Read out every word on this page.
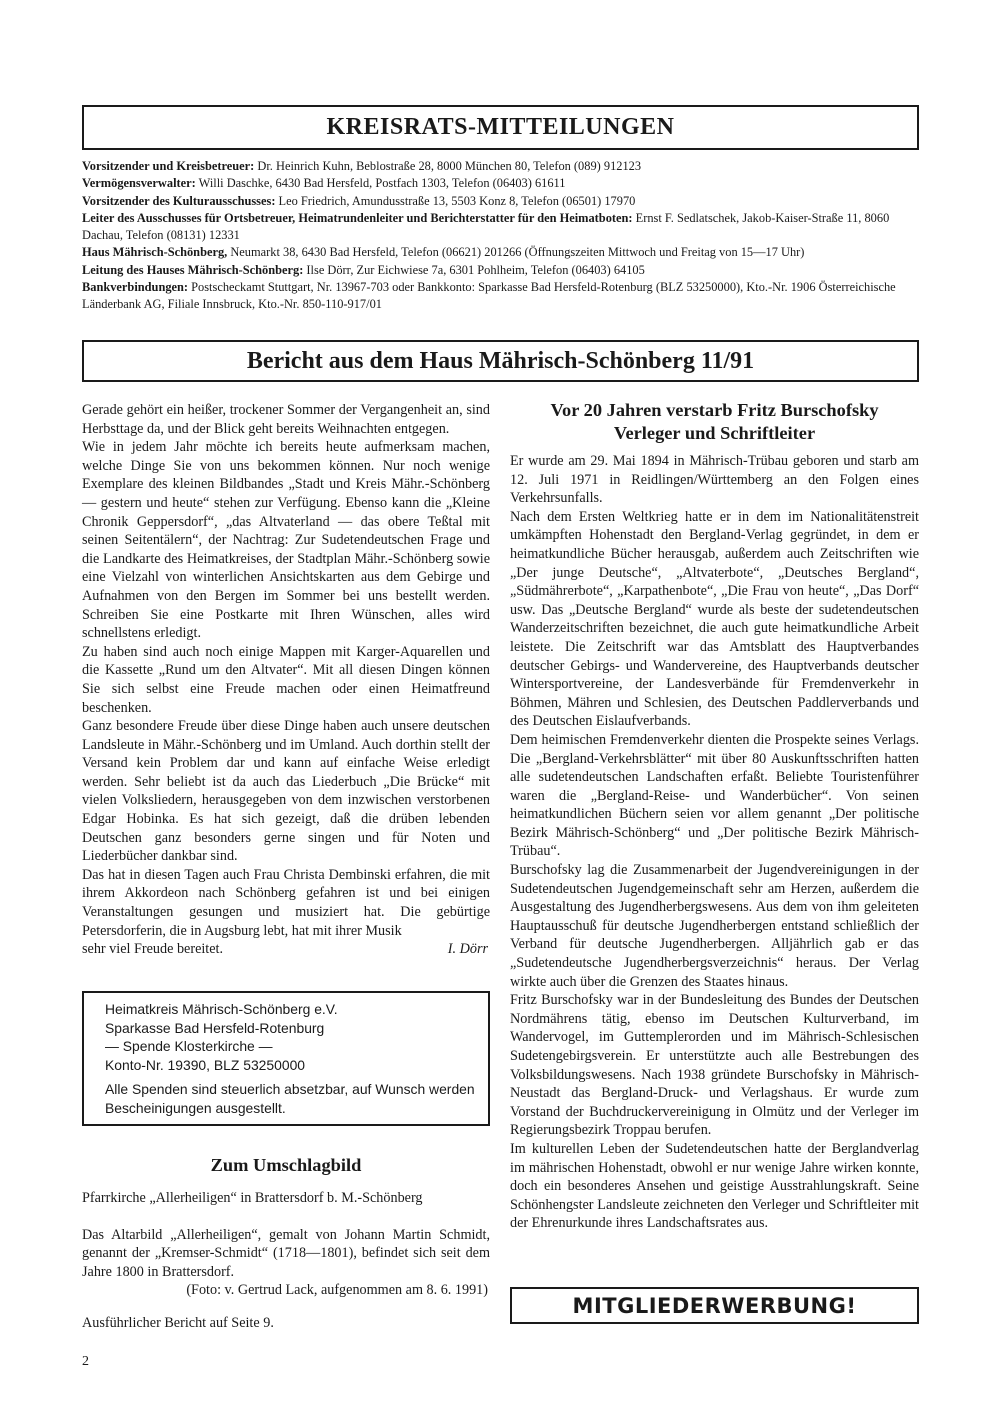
KREISRATS-MITTEILUNGEN
Vorsitzender und Kreisbetreuer: Dr. Heinrich Kuhn, Beblostraße 28, 8000 München 80, Telefon (089) 912123
Vermögensverwalter: Willi Daschke, 6430 Bad Hersfeld, Postfach 1303, Telefon (06403) 61611
Vorsitzender des Kulturausschusses: Leo Friedrich, Amundusstraße 13, 5503 Konz 8, Telefon (06501) 17970
Leiter des Ausschusses für Ortsbetreuer, Heimatrundenleiter und Berichterstatter für den Heimatboten: Ernst F. Sedlatschek, Jakob-Kaiser-Straße 11, 8060 Dachau, Telefon (08131) 12331
Haus Mährisch-Schönberg, Neumarkt 38, 6430 Bad Hersfeld, Telefon (06621) 201266 (Öffnungszeiten Mittwoch und Freitag von 15—17 Uhr)
Leitung des Hauses Mährisch-Schönberg: Ilse Dörr, Zur Eichwiese 7a, 6301 Pohlheim, Telefon (06403) 64105
Bankverbindungen: Postscheckamt Stuttgart, Nr. 13967-703 oder Bankkonto: Sparkasse Bad Hersfeld-Rotenburg (BLZ 53250000), Kto.-Nr. 1906 Österreichische Länderbank AG, Filiale Innsbruck, Kto.-Nr. 850-110-917/01
Bericht aus dem Haus Mährisch-Schönberg 11/91

Gerade gehört ein heißer, trockener Sommer der Vergangenheit an, sind Herbsttage da, und der Blick geht bereits Weihnachten entgegen.

Wie in jedem Jahr möchte ich bereits heute aufmerksam machen, welche Dinge Sie von uns bekommen können. Nur noch wenige Exemplare des kleinen Bildbandes „Stadt und Kreis Mähr.-Schönberg — gestern und heute“ stehen zur Verfügung. Ebenso kann die „Kleine Chronik Geppersdorf“, „das Altvaterland — das obere Teßtal mit seinen Seitentälern“, der Nachtrag: Zur Sudetendeutschen Frage und die Landkarte des Heimatkreises, der Stadtplan Mähr.-Schönberg sowie eine Vielzahl von winterlichen Ansichtskarten aus dem Gebirge und Aufnahmen von den Bergen im Sommer bei uns bestellt werden. Schreiben Sie eine Postkarte mit Ihren Wünschen, alles wird schnellstens erledigt.

Zu haben sind auch noch einige Mappen mit Karger-Aquarellen und die Kassette „Rund um den Altvater“. Mit all diesen Dingen können Sie sich selbst eine Freude machen oder einen Heimatfreund beschenken.

Ganz besondere Freude über diese Dinge haben auch unsere deutschen Landsleute in Mähr.-Schönberg und im Umland. Auch dorthin stellt der Versand kein Problem dar und kann auf einfache Weise erledigt werden. Sehr beliebt ist da auch das Liederbuch „Die Brücke“ mit vielen Volksliedern, herausgegeben von dem inzwischen verstorbenen Edgar Hobinka. Es hat sich gezeigt, daß die drüben lebenden Deutschen ganz besonders gerne singen und für Noten und Liederbücher dankbar sind.

Das hat in diesen Tagen auch Frau Christa Dembinski erfahren, die mit ihrem Akkordeon nach Schönberg gefahren ist und bei einigen Veranstaltungen gesungen und musiziert hat. Die gebürtige Petersdorferin, die in Augsburg lebt, hat mit ihrer Musik

sehr viel Freude bereitet.	I. Dörr
Heimatkreis Mährisch-Schönberg e.V.
Sparkasse Bad Hersfeld-Rotenburg
— Spende Klosterkirche —
Konto-Nr. 19390, BLZ 53250000
Alle Spenden sind steuerlich absetzbar, auf Wunsch werden Bescheinigungen ausgestellt.
Zum Umschlagbild

Pfarrkirche „Allerheiligen“ in Brattersdorf b. M.-Schönberg

Das Altarbild „Allerheiligen“, gemalt von Johann Martin Schmidt, genannt der „Kremser-Schmidt“ (1718—1801), befindet sich seit dem Jahre 1800 in Brattersdorf.

(Foto: v. Gertrud Lack, aufgenommen am 8. 6. 1991)

Ausführlicher Bericht auf Seite 9.

Vor 20 Jahren verstarb Fritz Burschofsky
Verleger und Schriftleiter

Er wurde am 29. Mai 1894 in Mährisch-Trübau geboren und starb am 12. Juli 1971 in Reidlingen/Württemberg an den Folgen eines Verkehrsunfalls.

Nach dem Ersten Weltkrieg hatte er in dem im Nationalitätenstreit umkämpften Hohenstadt den Bergland-Verlag gegründet, in dem er heimatkundliche Bücher herausgab, außerdem auch Zeitschriften wie „Der junge Deutsche“, „Altvaterbote“, „Deutsches Bergland“, „Südmährerbote“, „Karpathenbote“, „Die Frau von heute“, „Das Dorf“ usw. Das „Deutsche Bergland“ wurde als beste der sudetendeutschen Wanderzeitschriften bezeichnet, die auch gute heimatkundliche Arbeit leistete. Die Zeitschrift war das Amtsblatt des Hauptverbandes deutscher Gebirgs- und Wandervereine, des Hauptverbands deutscher Wintersportvereine, der Landesverbände für Fremdenverkehr in Böhmen, Mähren und Schlesien, des Deutschen Paddlerverbands und des Deutschen Eislaufverbands.

Dem heimischen Fremdenverkehr dienten die Prospekte seines Verlags. Die „Bergland-Verkehrsblätter“ mit über 80 Auskunftsschriften hatten alle sudetendeutschen Landschaften erfaßt. Beliebte Touristenführer waren die „Bergland-Reise- und Wanderbücher“. Von seinen heimatkundlichen Büchern seien vor allem genannt „Der politische Bezirk Mährisch-Schönberg“ und „Der politische Bezirk Mährisch-Trübau“.

Burschofsky lag die Zusammenarbeit der Jugendvereinigungen in der Sudetendeutschen Jugendgemeinschaft sehr am Herzen, außerdem die Ausgestaltung des Jugendherbergswesens. Aus dem von ihm geleiteten Hauptausschuß für deutsche Jugendherbergen entstand schließlich der Verband für deutsche Jugendherbergen. Alljährlich gab er das „Sudetendeutsche Jugendherbergsverzeichnis“ heraus. Der Verlag wirkte auch über die Grenzen des Staates hinaus.

Fritz Burschofsky war in der Bundesleitung des Bundes der Deutschen Nordmährens tätig, ebenso im Deutschen Kulturverband, im Wandervogel, im Guttemplerorden und im Mährisch-Schlesischen Sudetengebirgsverein. Er unterstützte auch alle Bestrebungen des Volksbildungswesens. Nach 1938 gründete Burschofsky in Mährisch-Neustadt das Bergland-Druck- und Verlagshaus. Er wurde zum Vorstand der Buchdruckervereinigung in Olmütz und der Verleger im Regierungsbezirk Troppau berufen.

Im kulturellen Leben der Sudetendeutschen hatte der Berglandverlag im mährischen Hohenstadt, obwohl er nur wenige Jahre wirken konnte, doch ein besonderes Ansehen und geistige Ausstrahlungskraft. Seine Schönhengster Landsleute zeichneten den Verleger und Schriftleiter mit der Ehrenurkunde ihres Landschaftsrates aus.

MITGLIEDERWERBUNG!
2
